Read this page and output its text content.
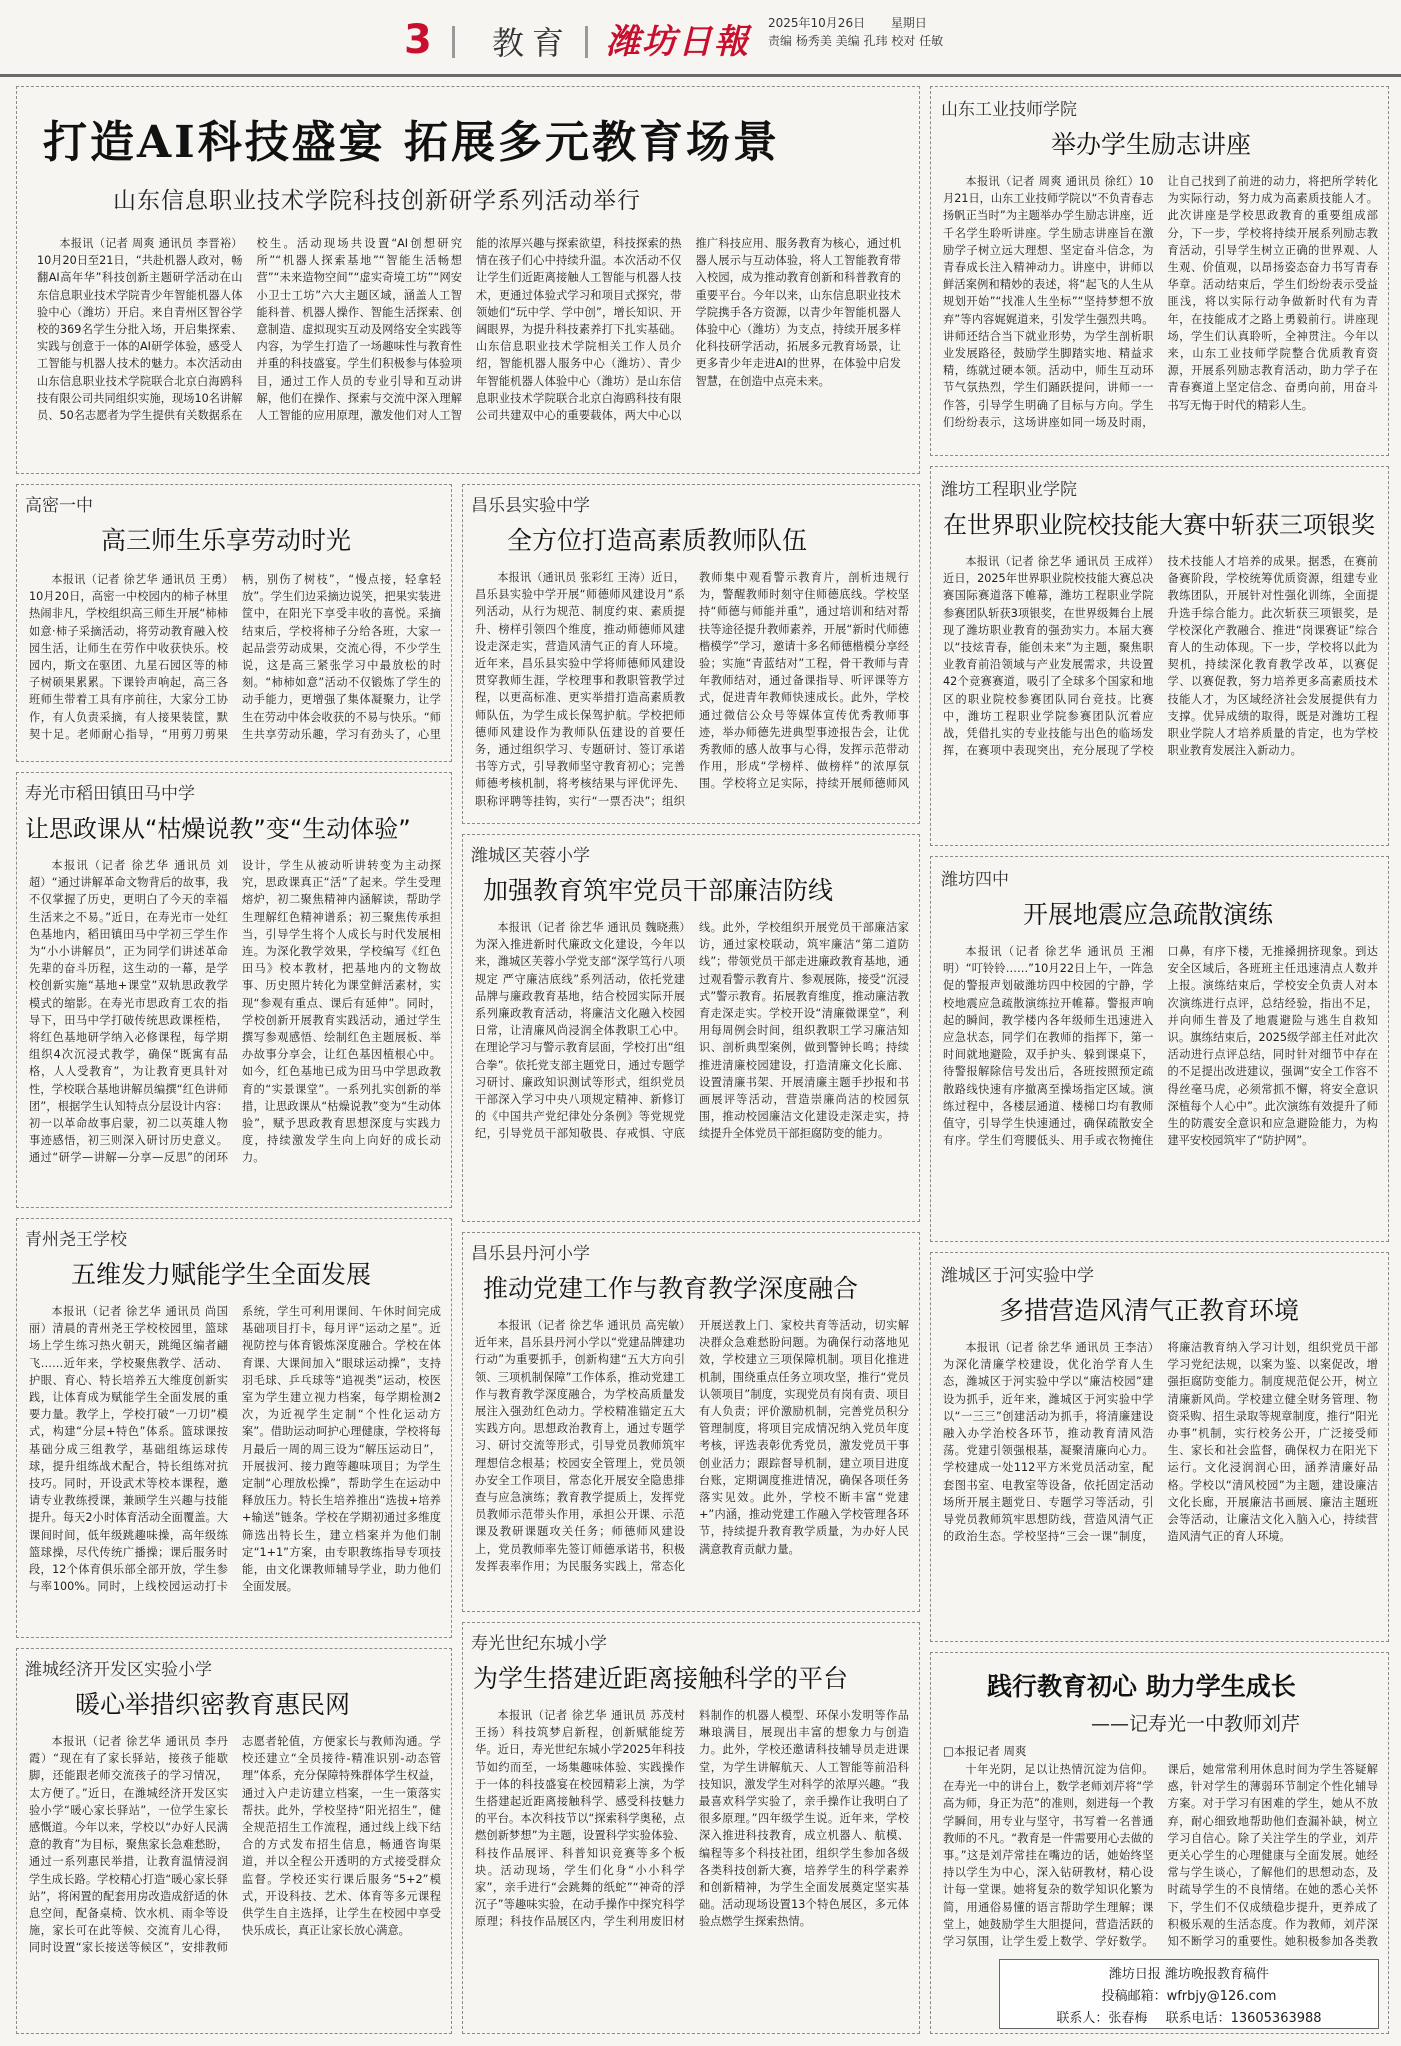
3 教育 潍坊日報 2025年10月26日 星期日
责编 杨秀美 美编 孔玮 校对 任敏
打造AI科技盛宴 拓展多元教育场景
山东信息职业技术学院科技创新研学系列活动举行
本报讯（记者 周爽 通讯员 李晋裕）10月20日至21日，“共赴机器人政对，畅翻AI高年华”科技创新主题研学活动在山东信息职业技术学院青少年智能机器人体验中心（潍坊）开启。来自青州区智谷学校的369名学生分批入场，开启集探索、实践与创意于一体的AI研学体验，感受人工智能与机器人技术的魅力。本次活动由山东信息职业技术学院联合北京白海鸥科技有限公司共同组织实施，现场10名讲解员、50名志愿者为学生提供有关数据系在校生。活动现场共设置“AI创想研究所”“机器人探索基地”“智能生活畅想营”“未来造物空间”“虚实奇境工坊”“网安小卫士工坊”六大主题区域，涵盖人工智能科普、机器人操作、智能生活探索、创意制造、虚拟现实互动及网络安全实践等内容，为学生打造了一场趣味性与教育性并重的科技盛宴。学生们积极参与体验项目，通过工作人员的专业引导和互动讲解，他们在操作、探索与交流中深入理解人工智能的应用原理，激发他们对人工智能的浓厚兴趣与探索欲望，科技探索的热情在孩子们心中持续升温。本次活动不仅让学生们近距离接触人工智能与机器人技术，更通过体验式学习和项目式探究，带领她们“玩中学、学中创”，增长知识、开阔眼界，为提升科技素养打下扎实基础。山东信息职业技术学院相关工作人员介绍，智能机器人服务中心（潍坊）、青少年智能机器人体验中心（潍坊）是山东信息职业技术学院联合北京白海鸥科技有限公司共建双中心的重要载体，两大中心以推广科技应用、服务教育为核心，通过机器人展示与互动体验，将人工智能教育带入校园，成为推动教育创新和科普教育的重要平台。今年以来，山东信息职业技术学院携手各方资源，以青少年智能机器人体验中心（潍坊）为支点，持续开展多样化科技研学活动，拓展多元教育场景，让更多青少年走进AI的世界，在体验中启发智慧，在创造中点亮未来。
高密一中
高三师生乐享劳动时光
本报讯（记者 徐艺华 通讯员 王勇）10月20日，高密一中校园内的柿子林里热闹非凡，学校组织高三师生开展“柿柿如意·柿子采摘活动，将劳动教育融入校园生活，让师生在劳作中收获快乐。校园内，斯文在驱团、九星石园区等的柿子树硕果累累。下课铃声响起，高三各班师生带着工具有序前往，大家分工协作，有人负责采摘，有人接果装筐，默契十足。老师耐心指导，“用剪刀剪果柄，别伤了树枝”，“慢点接，轻拿轻放”。学生们边采摘边说笑，把果实装进筐中，在阳光下享受丰收的喜悦。采摘结束后，学校将柿子分给各班，大家一起品尝劳动成果，交流心得，不少学生说，这是高三紧张学习中最放松的时刻。“柿柿如意”活动不仅锻炼了学生的动手能力，更增强了集体凝聚力，让学生在劳动中体会收获的不易与快乐。“师生共享劳动乐趣，学习有劲头了，心里
寿光市稻田镇田马中学
让思政课从“枯燥说教”变“生动体验”
本报讯（记者 徐艺华 通讯员 刘超）“通过讲解革命文物背后的故事，我不仅掌握了历史，更明白了今天的幸福生活来之不易。”近日，在寿光市一处红色基地内，稻田镇田马中学初三学生作为“小小讲解员”，正为同学们讲述革命先辈的奋斗历程，这生动的一幕，是学校创新实施“基地+课堂”双轨思政教学模式的缩影。在寿光市思政育工农的指导下，田马中学打破传统思政课桎梏，将红色基地研学纳入必修课程，每学期组织4次沉浸式教学，确保“既寓有品格，人人受教育”，为让教育更具针对性，学校联合基地讲解员编撰“红色讲师团”，根据学生认知特点分层设计内容：初一以革命故事启蒙，初二以英雄人物事迹感悟，初三则深入研讨历史意义。通过“研学—讲解—分享—反思”的闭环设计，学生从被动听讲转变为主动探究，思政课真正“活”了起来。学生受理熔炉，初二聚焦精神内涵解读，帮助学生理解红色精神谱系；初三聚焦传承担当，引导学生将个人成长与时代发展相连。为深化教学效果，学校编写《红色田马》校本教材，把基地内的文物故事、历史照片转化为课堂鲜活素材，实现“参观有重点、课后有延伸”。同时，学校创新开展教育实践活动，通过学生撰写参观感悟、绘制红色主题展板、举办故事分享会，让红色基因植根心中。如今，红色基地已成为田马中学思政教育的“实景课堂”。一系列扎实创新的举措，让思政课从“枯燥说教”变为“生动体验”，赋予思政教育思想深度与实践力度，持续激发学生向上向好的成长动力。
青州尧王学校
五维发力赋能学生全面发展
本报讯（记者 徐艺华 通讯员 尚国丽）清晨的青州尧王学校校园里，篮球场上学生练习热火朝天，跳绳区编者翩飞……近年来，学校聚焦教学、活动、护眼、育心、特长培养五大维度创新实践，让体育成为赋能学生全面发展的重要力量。教学上，学校打破“一刀切”模式，构建“分层+特色”体系。篮球课按基础分成三组教学，基础组练运球传球，提升组练战术配合，特长组练对抗技巧。同时，开设武术等校本课程，邀请专业教练授课，兼顾学生兴趣与技能提升。每天2小时体育活动全面覆盖。大课间时间，低年级跳趣味操，高年级练篮球操，尽代传统广播操；课后服务时段，12个体育俱乐部全部开放，学生参与率100%。同时，上线校园运动打卡系统，学生可利用课间、午休时间完成基础项目打卡，每月评“运动之星”。近视防控与体育锻炼深度融合。学校在体育课、大课间加入“眼球运动操”，支持羽毛球、乒乓球等“追视类”运动，校医室为学生建立视力档案，每学期检测2次，为近视学生定制“个性化运动方案”。借助运动呵护心理健康，学校将每月最后一周的周三设为“解压运动日”，开展拔河、接力跑等趣味项目；为学生定制“心理放松操”，帮助学生在运动中释放压力。特长生培养推出“选拔+培养+输送”链条。学校在学期初通过多维度筛选出特长生，建立档案并为他们制定“1+1”方案，由专职教练指导专项技能，由文化课教师辅导学业，助力他们全面发展。
潍城经济开发区实验小学
暖心举措织密教育惠民网
本报讯（记者 徐艺华 通讯员 李丹霞）“现在有了家长驿站，接孩子能歇脚，还能跟老师交流孩子的学习情况，太方便了。”近日，在潍城经济开发区实验小学“暖心家长驿站”，一位学生家长感慨道。今年以来，学校以“办好人民满意的教育”为目标，聚焦家长急难愁盼，通过一系列惠民举措，让教育温情浸润学生成长路。学校精心打造“暖心家长驿站”，将闲置的配套用房改造成舒适的休息空间，配备桌椅、饮水机、雨伞等设施，家长可在此等候、交流育儿心得，同时设置“家长接送等候区”，安排教师志愿者轮值，方便家长与教师沟通。学校还建立“全员接待-精准识别-动态管理”体系，充分保障特殊群体学生权益，通过入户走访建立档案，一生一策落实帮扶。此外，学校坚持“阳光招生”，健全规范招生工作流程，通过线上线下结合的方式发布招生信息，畅通咨询渠道，并以全程公开透明的方式接受群众监督。学校还实行课后服务“5+2”模式，开设科技、艺术、体育等多元课程供学生自主选择，让学生在校园中享受快乐成长，真正让家长放心满意。
昌乐县实验中学
全方位打造高素质教师队伍
本报讯（通讯员 张彩红 王涛）近日，昌乐县实验中学开展“师德师风建设月”系列活动，从行为规范、制度约束、素质提升、榜样引领四个维度，推动师德师风建设走深走实，营造风清气正的育人环境。近年来，昌乐县实验中学将师德师风建设贯穿教师生涯，学校理事和教职管教学过程，以更高标准、更实举措打造高素质教师队伍，为学生成长保驾护航。学校把师德师风建设作为教师队伍建设的首要任务，通过组织学习、专题研讨、签订承诺书等方式，引导教师坚守教育初心；完善师德考核机制，将考核结果与评优评先、职称评聘等挂钩，实行“一票否决”；组织教师集中观看警示教育片，剖析违规行为，警醒教师时刻守住师德底线。学校坚持“师德与师能并重”，通过培训和结对帮扶等途径提升教师素养，开展“新时代师德楷模学”学习，邀请十多名师德楷模分享经验；实施“青蓝结对”工程，骨干教师与青年教师结对，通过备课指导、听评课等方式，促进青年教师快速成长。此外，学校通过微信公众号等媒体宣传优秀教师事迹，举办师德先进典型事迹报告会，让优秀教师的感人故事与心得，发挥示范带动作用，形成“学榜样、做榜样”的浓厚氛围。学校将立足实际，持续开展师德师风
潍城区芙蓉小学
加强教育筑牢党员干部廉洁防线
本报讯（记者 徐艺华 通讯员 魏晓燕）为深入推进新时代廉政文化建设，今年以来，潍城区芙蓉小学党支部“深学笃行八项规定 严守廉洁底线”系列活动，依托党建品牌与廉政教育基地，结合校园实际开展系列廉政教育活动，将廉洁文化融入校园日常，让清廉风尚浸润全体教职工心中。在理论学习与警示教育层面，学校打出“组合拳”。依托党支部主题党日，通过专题学习研讨、廉政知识测试等形式，组织党员干部深入学习中央八项规定精神、新修订的《中国共产党纪律处分条例》等党规党纪，引导党员干部知敬畏、存戒惧、守底线。此外，学校组织开展党员干部廉洁家访，通过家校联动，筑牢廉洁“第二道防线”；带领党员干部走进廉政教育基地，通过观看警示教育片、参观展陈，接受“沉浸式”警示教育。拓展教育维度，推动廉洁教育走深走实。学校开设“清廉微课堂”，利用每周例会时间，组织教职工学习廉洁知识、剖析典型案例，做到警钟长鸣；持续推进清廉校园建设，打造清廉文化长廊、设置清廉书架、开展清廉主题手抄报和书画展评等活动，营造崇廉尚洁的校园氛围，推动校园廉洁文化建设走深走实，持续提升全体党员干部拒腐防变的能力。
昌乐县丹河小学
推动党建工作与教育教学深度融合
本报讯（记者 徐艺华 通讯员 高宪敏）近年来，昌乐县丹河小学以“党建品牌建功行动”为重要抓手，创新构建“五大方向引领、三项机制保障”工作体系，推动党建工作与教育教学深度融合，为学校高质量发展注入强劲红色动力。学校精准锚定五大实践方向。思想政治教育上，通过专题学习、研讨交流等形式，引导党员教师筑牢理想信念根基；校园安全管理上，党员领办安全工作项目，常态化开展安全隐患排查与应急演练；教育教学提质上，发挥党员教师示范带头作用，承担公开课、示范课及教研课题攻关任务；师德师风建设上，党员教师率先签订师德承诺书，积极发挥表率作用；为民服务实践上，常态化开展送教上门、家校共育等活动，切实解决群众急难愁盼问题。为确保行动落地见效，学校建立三项保障机制。项目化推进机制，围绕重点任务立项攻坚，推行“党员认领项目”制度，实现党员有岗有责、项目有人负责；评价激励机制，完善党员积分管理制度，将项目完成情况纳入党员年度考核，评选表彰优秀党员，激发党员干事创业活力；跟踪督导机制，建立项目进度台账，定期调度推进情况，确保各项任务落实见效。此外，学校不断丰富“党建+”内涵，推动党建工作融入学校管理各环节，持续提升教育教学质量，为办好人民满意教育贡献力量。
寿光世纪东城小学
为学生搭建近距离接触科学的平台
本报讯（记者 徐艺华 通讯员 苏茂村 王扬）科技筑梦启新程，创新赋能绽芳华。近日，寿光世纪东城小学2025年科技节如约而至，一场集趣味体验、实践操作于一体的科技盛宴在校园精彩上演，为学生搭建起近距离接触科学、感受科技魅力的平台。本次科技节以“探索科学奥秘，点燃创新梦想”为主题，设置科学实验体验、科技作品展评、科普知识竞赛等多个板块。活动现场，学生们化身“小小科学家”，亲手进行“会跳舞的纸蛇”“神奇的浮沉子”等趣味实验，在动手操作中探究科学原理；科技作品展区内，学生利用废旧材料制作的机器人模型、环保小发明等作品琳琅满目，展现出丰富的想象力与创造力。此外，学校还邀请科技辅导员走进课堂，为学生讲解航天、人工智能等前沿科技知识，激发学生对科学的浓厚兴趣。“我最喜欢科学实验了，亲手操作让我明白了很多原理。”四年级学生说。近年来，学校深入推进科技教育，成立机器人、航模、编程等多个科技社团，组织学生参加各级各类科技创新大赛，培养学生的科学素养和创新精神，为学生全面发展奠定坚实基础。活动现场设置13个特色展区，多元体验点燃学生探索热情。
山东工业技师学院
举办学生励志讲座
本报讯（记者 周爽 通讯员 徐红）10月21日，山东工业技师学院以“不负青春志 扬帆正当时”为主题举办学生励志讲座，近千名学生聆听讲座。学生励志讲座旨在激励学子树立远大理想、坚定奋斗信念，为青春成长注入精神动力。讲座中，讲师以鲜活案例和精妙的表述，将“起飞的人生从规划开始”“找准人生坐标”“坚持梦想不放弃”等内容娓娓道来，引发学生强烈共鸣。讲师还结合当下就业形势，为学生剖析职业发展路径，鼓励学生脚踏实地、精益求精，练就过硬本领。活动中，师生互动环节气氛热烈，学生们踊跃提问，讲师一一作答，引导学生明确了目标与方向。学生们纷纷表示，这场讲座如同一场及时雨，让自己找到了前进的动力，将把所学转化为实际行动，努力成为高素质技能人才。此次讲座是学校思政教育的重要组成部分，下一步，学校将持续开展系列励志教育活动，引导学生树立正确的世界观、人生观、价值观，以昂扬姿态奋力书写青春华章。活动结束后，学生们纷纷表示受益匪浅，将以实际行动争做新时代有为青年，在技能成才之路上勇毅前行。讲座现场，学生们认真聆听，全神贯注。今年以来，山东工业技师学院整合优质教育资源，开展系列励志教育活动，助力学子在青春赛道上坚定信念、奋勇向前，用奋斗书写无悔于时代的精彩人生。
潍坊工程职业学院
在世界职业院校技能大赛中斩获三项银奖
本报讯（记者 徐艺华 通讯员 王成祥）近日，2025年世界职业院校技能大赛总决赛国际赛道落下帷幕，潍坊工程职业学院参赛团队斩获3项银奖，在世界级舞台上展现了潍坊职业教育的强劲实力。本届大赛以“技炫青春，能创未来”为主题，聚焦职业教育前沿领域与产业发展需求，共设置42个竞赛赛道，吸引了全球多个国家和地区的职业院校参赛团队同台竞技。比赛中，潍坊工程职业学院参赛团队沉着应战，凭借扎实的专业技能与出色的临场发挥，在赛项中表现突出，充分展现了学校技术技能人才培养的成果。据悉，在赛前备赛阶段，学校统筹优质资源，组建专业教练团队，开展针对性强化训练，全面提升选手综合能力。此次斩获三项银奖，是学校深化产教融合、推进“岗课赛证”综合育人的生动体现。下一步，学校将以此为契机，持续深化教育教学改革，以赛促学、以赛促教，努力培养更多高素质技术技能人才，为区域经济社会发展提供有力支撑。优异成绩的取得，既是对潍坊工程职业学院人才培养质量的肯定，也为学校职业教育发展注入新动力。
潍坊四中
开展地震应急疏散演练
本报讯（记者 徐艺华 通讯员 王湘明）“叮铃铃……”10月22日上午，一阵急促的警报声划破潍坊四中校园的宁静，学校地震应急疏散演练拉开帷幕。警报声响起的瞬间，教学楼内各年级师生迅速进入应急状态，同学们在教师的指挥下，第一时间就地避险，双手护头、躲到课桌下，待警报解除信号发出后，各班按照预定疏散路线快速有序撤离至操场指定区域。演练过程中，各楼层通道、楼梯口均有教师值守，引导学生快速通过，确保疏散安全有序。学生们弯腰低头、用手或衣物掩住口鼻，有序下楼，无推搡拥挤现象。到达安全区域后，各班班主任迅速清点人数并上报。演练结束后，学校安全负责人对本次演练进行点评，总结经验，指出不足，并向师生普及了地震避险与逃生自救知识。旗练结束后，2025级学部主任对此次活动进行点评总结，同时针对细节中存在的不足提出改进建议，强调“安全工作容不得丝毫马虎，必须常抓不懈，将安全意识深植每个人心中”。此次演练有效提升了师生的防震安全意识和应急避险能力，为构建平安校园筑牢了“防护网”。
潍城区于河实验中学
多措营造风清气正教育环境
本报讯（记者 徐艺华 通讯员 王李洁）为深化清廉学校建设，优化治学育人生态，潍城区于河实验中学以“廉洁校园”建设为抓手，近年来，潍城区于河实验中学以“一三三”创建活动为抓手，将清廉建设融入办学治校各环节，推动教育清风浩荡。党建引领强根基，凝聚清廉向心力。学校建成一处112平方米党员活动室，配套图书室、电教室等设备，依托固定活动场所开展主题党日、专题学习等活动，引导党员教师筑牢思想防线，营造风清气正的政治生态。学校坚持“三会一课”制度，将廉洁教育纳入学习计划，组织党员干部学习党纪法规，以案为鉴、以案促改，增强拒腐防变能力。制度规范促公开，树立清廉新风尚。学校建立健全财务管理、物资采购、招生录取等规章制度，推行“阳光办事”机制，实行校务公开，广泛接受师生、家长和社会监督，确保权力在阳光下运行。文化浸润润心田，涵养清廉好品格。学校以“清风校园”为主题，建设廉洁文化长廊，开展廉洁书画展、廉洁主题班会等活动，让廉洁文化入脑入心，持续营造风清气正的育人环境。
践行教育初心 助力学生成长
——记寿光一中教师刘芹
□本报记者 周爽
十年光阴，足以让热情沉淀为信仰。在寿光一中的讲台上，数学老师刘芹将“学高为师，身正为范”的准则，刻进每一个教学瞬间，用专业与坚守，书写着一名普通教师的不凡。“教育是一件需要用心去做的事。”这是刘芹常挂在嘴边的话，她始终坚持以学生为中心，深入钻研教材，精心设计每一堂课。她将复杂的数学知识化繁为简，用通俗易懂的语言帮助学生理解；课堂上，她鼓励学生大胆提问，营造活跃的学习氛围，让学生爱上数学、学好数学。课后，她常常利用休息时间为学生答疑解惑，针对学生的薄弱环节制定个性化辅导方案。对于学习有困难的学生，她从不放弃，耐心细致地帮助他们查漏补缺，树立学习自信心。除了关注学生的学业，刘芹更关心学生的心理健康与全面发展。她经常与学生谈心，了解他们的思想动态，及时疏导学生的不良情绪。在她的悉心关怀下，学生们不仅成绩稳步提升，更养成了积极乐观的生活态度。作为教师，刘芹深知不断学习的重要性。她积极参加各类教
潍坊日报 潍坊晚报教育稿件
投稿邮箱：wfrbjy@126.com
联系人：张春梅 联系电话：13605363988
